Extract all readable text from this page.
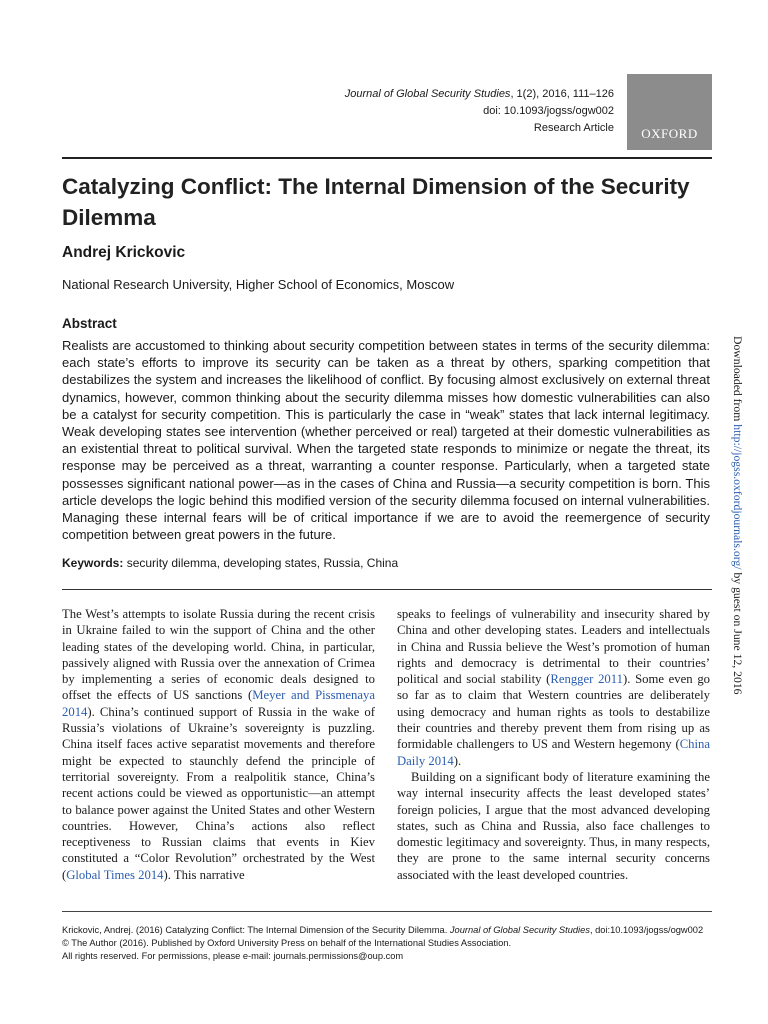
Journal of Global Security Studies, 1(2), 2016, 111–126
doi: 10.1093/jogss/ogw002
Research Article OXFORD
Catalyzing Conflict: The Internal Dimension of the Security Dilemma
Andrej Krickovic
National Research University, Higher School of Economics, Moscow
Abstract

Realists are accustomed to thinking about security competition between states in terms of the security dilemma: each state’s efforts to improve its security can be taken as a threat by others, sparking competition that destabilizes the system and increases the likelihood of conflict. By focusing almost exclusively on external threat dynamics, however, common thinking about the security dilemma misses how domestic vulnerabilities can also be a catalyst for security competition. This is particularly the case in “weak” states that lack internal legitimacy. Weak developing states see intervention (whether perceived or real) targeted at their domestic vulnerabilities as an existential threat to political survival. When the targeted state responds to minimize or negate the threat, its response may be perceived as a threat, warranting a counter response. Particularly, when a targeted state possesses significant national power—as in the cases of China and Russia—a security competition is born. This article develops the logic behind this modified version of the security dilemma focused on internal vulnerabilities. Managing these internal fears will be of critical importance if we are to avoid the reemergence of security competition between great powers in the future.

Keywords: security dilemma, developing states, Russia, China

The West’s attempts to isolate Russia during the recent crisis in Ukraine failed to win the support of China and the other leading states of the developing world. China, in particular, passively aligned with Russia over the annexation of Crimea by implementing a series of economic deals designed to offset the effects of US sanctions (Meyer and Pissmenaya 2014). China’s continued support of Russia in the wake of Russia’s violations of Ukraine’s sovereignty is puzzling. China itself faces active separatist movements and therefore might be expected to staunchly defend the principle of territorial sovereignty. From a realpolitik stance, China’s recent actions could be viewed as opportunistic—an attempt to balance power against the United States and other Western countries. However, China’s actions also reflect receptiveness to Russian claims that events in Kiev constituted a “Color Revolution” orchestrated by the West (Global Times 2014). This narrative

speaks to feelings of vulnerability and insecurity shared by China and other developing states. Leaders and intellectuals in China and Russia believe the West’s promotion of human rights and democracy is detrimental to their countries’ political and social stability (Rengger 2011). Some even go so far as to claim that Western countries are deliberately using democracy and human rights as tools to destabilize their countries and thereby prevent them from rising up as formidable challengers to US and Western hegemony (China Daily 2014).

Building on a significant body of literature examining the way internal insecurity affects the least developed states’ foreign policies, I argue that the most advanced developing states, such as China and Russia, also face challenges to domestic legitimacy and sovereignty. Thus, in many respects, they are prone to the same internal security concerns associated with the least developed countries.

Krickovic, Andrej. (2016) Catalyzing Conflict: The Internal Dimension of the Security Dilemma. Journal of Global Security Studies, doi:10.1093/jogss/ogw002
© The Author (2016). Published by Oxford University Press on behalf of the International Studies Association.
All rights reserved. For permissions, please e-mail: journals.permissions@oup.com
Downloaded from http://jogss.oxfordjournals.org/ by guest on June 12, 2016
